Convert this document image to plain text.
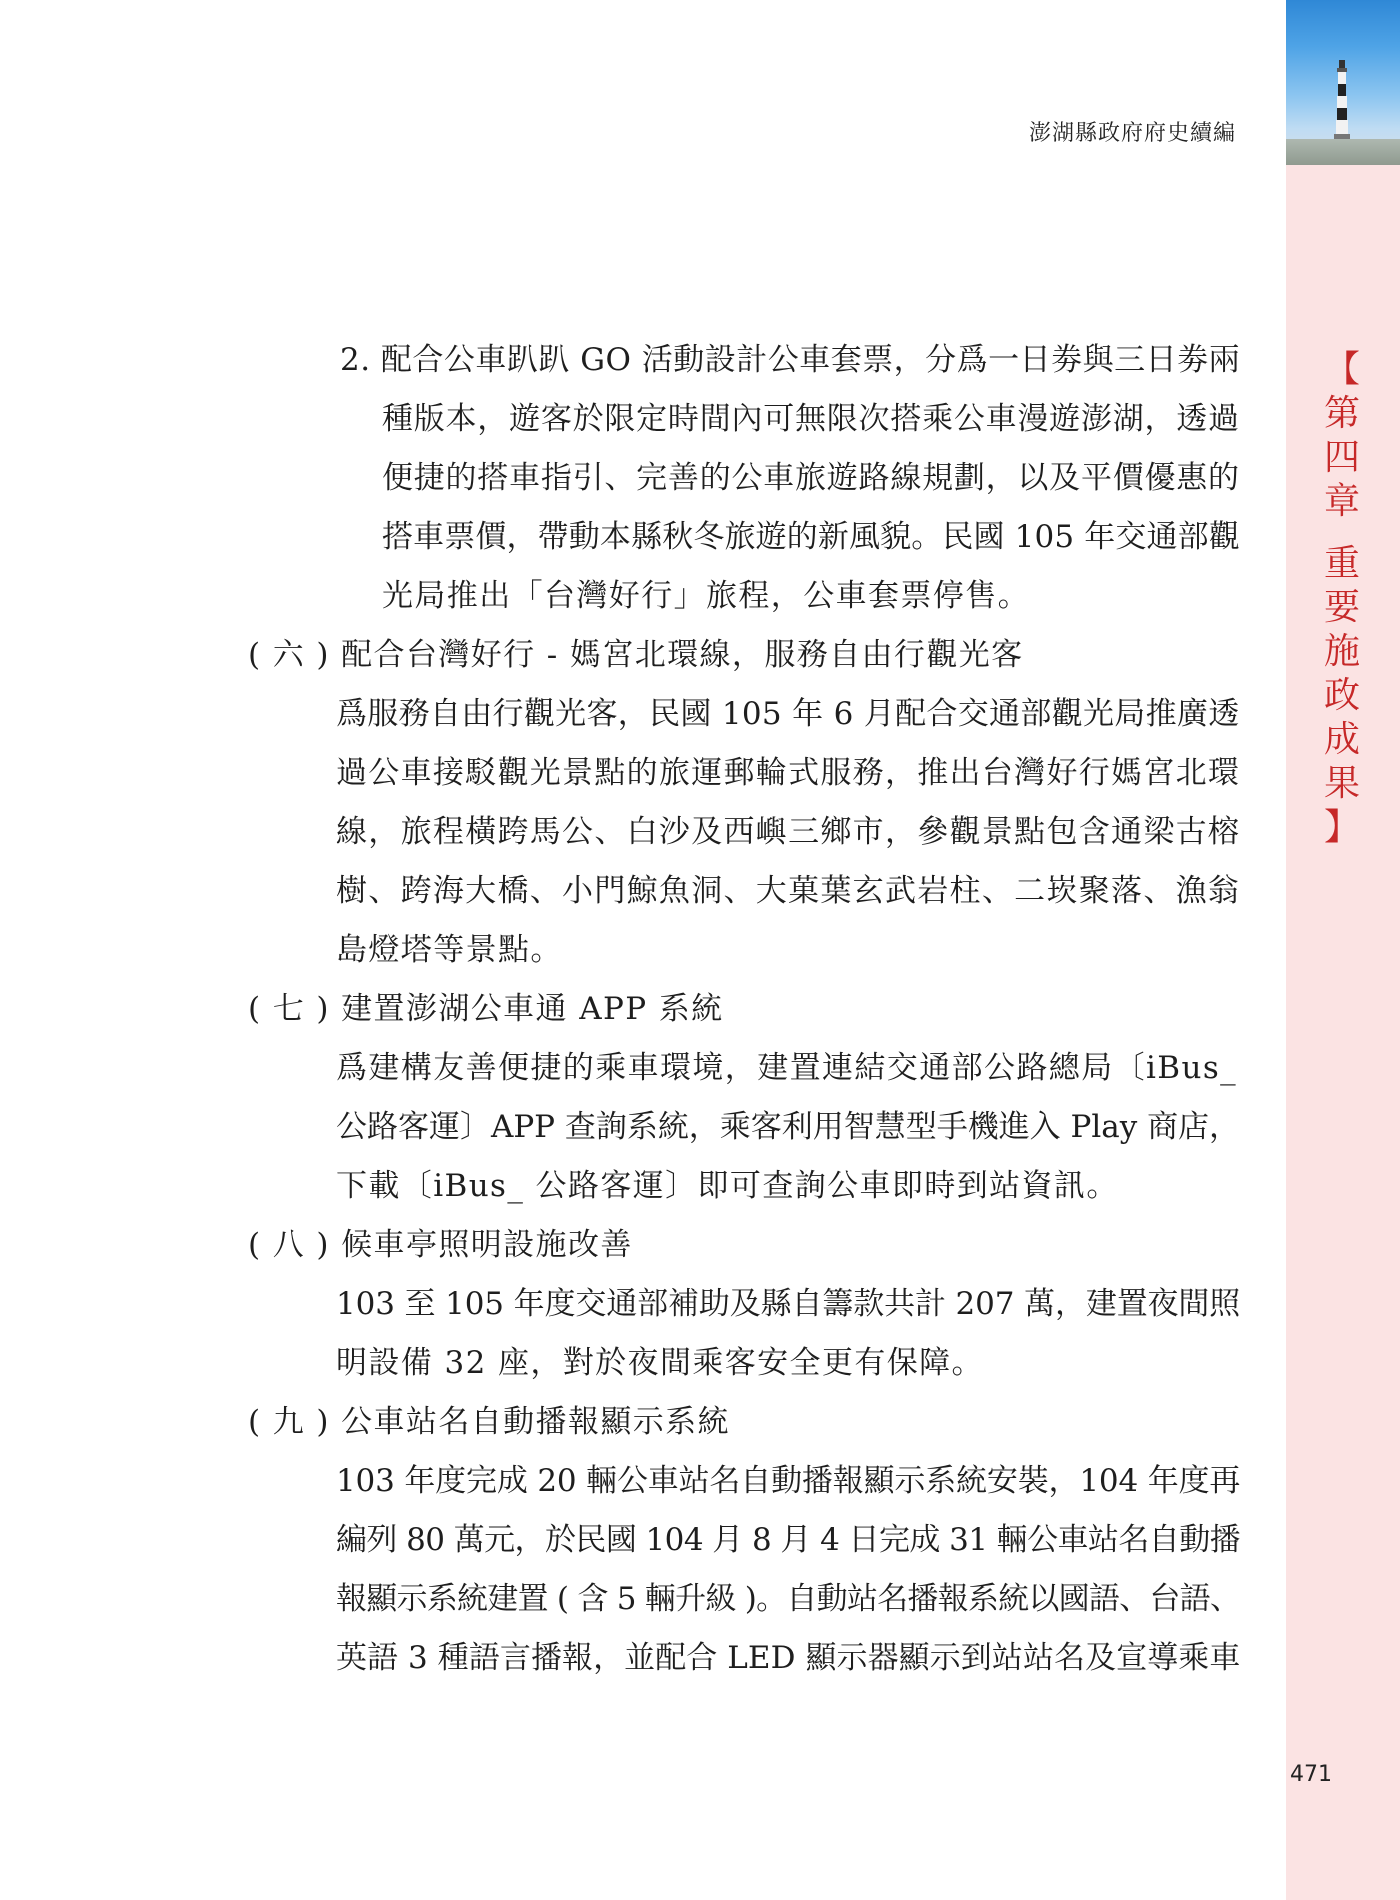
澎湖縣政府府史續編
【
第
四
章
重
要
施
政
成
果
】
2. 配合公車趴趴 GO 活動設計公車套票，分爲一日劵與三日劵兩
種版本，遊客於限定時間內可無限次搭乘公車漫遊澎湖，透過
便捷的搭車指引、完善的公車旅遊路線規劃，以及平價優惠的
搭車票價，帶動本縣秋冬旅遊的新風貌。民國 105 年交通部觀
光局推出「台灣好行」旅程，公車套票停售。
( 六 ) 配合台灣好行 - 媽宮北環線，服務自由行觀光客
爲服務自由行觀光客，民國 105 年 6 月配合交通部觀光局推廣透
過公車接駁觀光景點的旅運郵輪式服務，推出台灣好行媽宮北環
線，旅程橫跨馬公、白沙及西嶼三鄉市，參觀景點包含通梁古榕
樹、跨海大橋、小門鯨魚洞、大菓葉玄武岩柱、二崁聚落、漁翁
島燈塔等景點。
( 七 ) 建置澎湖公車通 APP 系統
爲建構友善便捷的乘車環境，建置連結交通部公路總局〔iBus_
公路客運〕APP 查詢系統，乘客利用智慧型手機進入 Play 商店，
下載〔iBus_ 公路客運〕即可查詢公車即時到站資訊。
( 八 ) 候車亭照明設施改善
103 至 105 年度交通部補助及縣自籌款共計 207 萬，建置夜間照
明設備 32 座，對於夜間乘客安全更有保障。
( 九 ) 公車站名自動播報顯示系統
103 年度完成 20 輛公車站名自動播報顯示系統安裝，104 年度再
編列 80 萬元，於民國 104 月 8 月 4 日完成 31 輛公車站名自動播
報顯示系統建置 ( 含 5 輛升級 )。自動站名播報系統以國語、台語、
英語 3 種語言播報，並配合 LED 顯示器顯示到站站名及宣導乘車
471
